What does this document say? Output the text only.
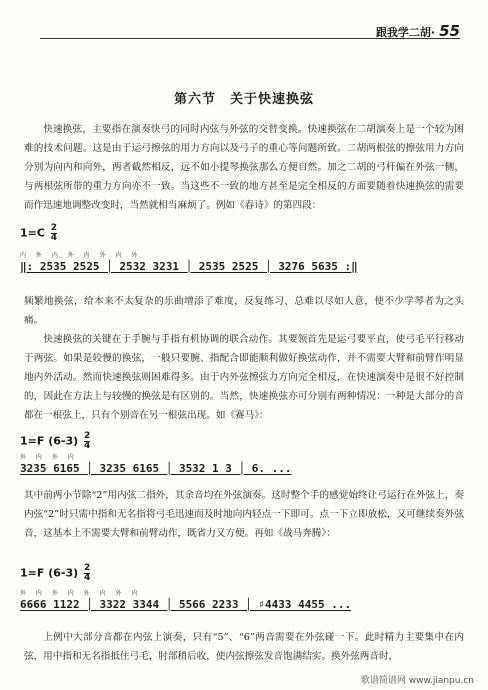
跟我学二胡· 55
第六节　关于快速换弦
快速换弦，主要指在演奏快弓的同时内弦与外弦的交替变换。快速换弦在二胡演奏上是一个较为困难的技术问题。这是由于运弓擦弦的用力方向以及弓子的重心等问题所致。二胡两根弦的擦弦用力方向分别为向内和向外，两者截然相反，远不如小提琴换弦那么方便自然。加之二胡的弓杆偏在外弦一侧，与两根弦所带的重力方向亦不一致。当这些不一致的地方甚至是完全相反的方面要随着快速换弦的需要而作迅速地调整改变时，当然就相当麻烦了。例如《春诗》的第四段：
$1=C \frac{2}{4}$
内 外 内 外 内 外 内 外
‖: 2535 2525 │ 2532 3231 │ 2535 2525 │ 3276 5635 :‖
频繁地换弦，给本来不太复杂的乐曲增添了难度，反复练习、总难以尽如人意，使不少学琴者为之头痛。
快速换弦的关键在于手腕与手指有机协调的联合动作。其要领首先是运弓要平直，使弓毛平行移动于两弦。如果是较慢的换弦，一般只要腕、指配合即能顺利做好换弦动作，并不需要大臂和前臂作明显地内外活动。然而快速换弦则困难得多。由于内外弦擦弦力方向完全相反，在快速演奏中是很不好控制的，因此在方法上与较慢的换弦是有区别的。当然，快速换弦亦可分别有两种情况：一种是大部分的音都在一根弦上，只有个别音在另一根弦出现。如《赛马》：
1=F $(6-3) \frac{2}{4}$
外 内 外 内
3235 6165 │ 3235 6165 │ 3532 1 3 │ 6. ...
其中前两小节除“2”用内弦二指外，其余音均在外弦演奏。这时整个手的感觉始终让弓运行在外弦上，奏内弦“2”时只需中指和无名指将弓毛迅速而及时地向内轻点一下即可。点一下立即放松，又可继续奏外弦音，这基本上不需要大臂和前臂动作，既省力又方便。再如《战马奔腾》：
1=F $(6-3) \frac{2}{4}$
外 内 外 内 外 内 外 内
6666 1122 │ 3322 3344 │ 5566 2233 │ ♯4433 4455 ...
上例中大部分音都在内弦上演奏，只有“5”、“6”两音需要在外弦碰一下。此时精力主要集中在内弦，用中指和无名指抵住弓毛，肘部稍后收，使内弦擦弦发音饱满结实。换外弦两音时，
歌谱简谱网 www.jianpu.cn
